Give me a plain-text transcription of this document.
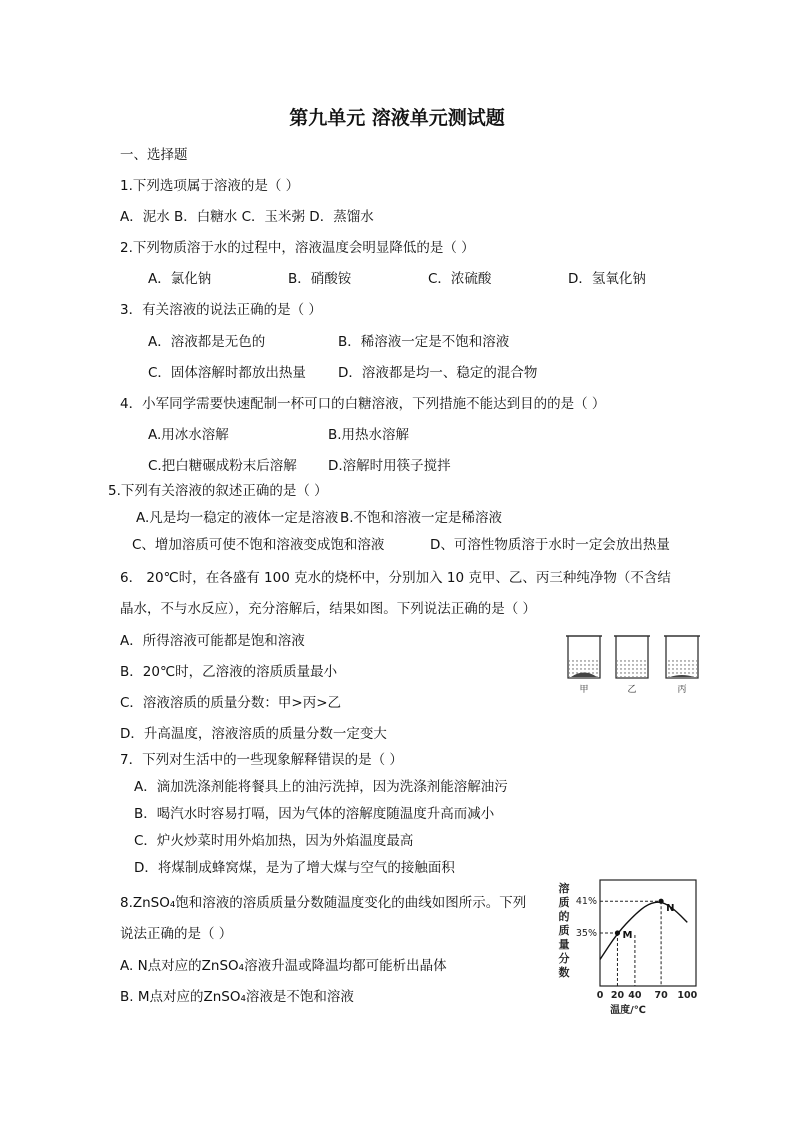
第九单元 溶液单元测试题
一、选择题
1.下列选项属于溶液的是（ ）
A．泥水 B．白糖水 C．玉米粥 D．蒸馏水
2.下列物质溶于水的过程中，溶液温度会明显降低的是（ ）
A．氯化钠	B．硝酸铵	C．浓硫酸	D．氢氧化钠
3．有关溶液的说法正确的是（ ）
A．溶液都是无色的	B．稀溶液一定是不饱和溶液
C．固体溶解时都放出热量 D．溶液都是均一、稳定的混合物
4．小军同学需要快速配制一杯可口的白糖溶液，下列措施不能达到目的的是（ ）
A.用冰水溶解	B.用热水溶解
C.把白糖碾成粉末后溶解 D.溶解时用筷子搅拌
5.下列有关溶液的叙述正确的是（ ）
A.凡是均一稳定的液体一定是溶液 B.不饱和溶液一定是稀溶液
C、增加溶质可使不饱和溶液变成饱和溶液	D、可溶性物质溶于水时一定会放出热量
6． 20℃时，在各盛有 100 克水的烧杯中，分别加入 10 克甲、乙、丙三种纯净物（不含结
晶水，不与水反应），充分溶解后，结果如图。下列说法正确的是（ ）
A．所得溶液可能都是饱和溶液
B．20℃时，乙溶液的溶质质量最小
C．溶液溶质的质量分数：甲>丙>乙
D．升高温度，溶液溶质的质量分数一定变大
甲	乙	丙
7．下列对生活中的一些现象解释错误的是（ ）
A．滴加洗涤剂能将餐具上的油污洗掉，因为洗涤剂能溶解油污
B．喝汽水时容易打嗝，因为气体的溶解度随温度升高而减小
C．炉火炒菜时用外焰加热，因为外焰温度最高
D．将煤制成蜂窝煤，是为了增大煤与空气的接触面积
8.ZnSO₄饱和溶液的溶质质量分数随温度变化的曲线如图所示。下列
说法正确的是（ ）
A. N点对应的ZnSO₄溶液升温或降温均都可能析出晶体
B. M点对应的ZnSO₄溶液是不饱和溶液
溶
质
的
质
量
分
数
M
N
41%
35%
0 20 40 70 100
温度/℃
